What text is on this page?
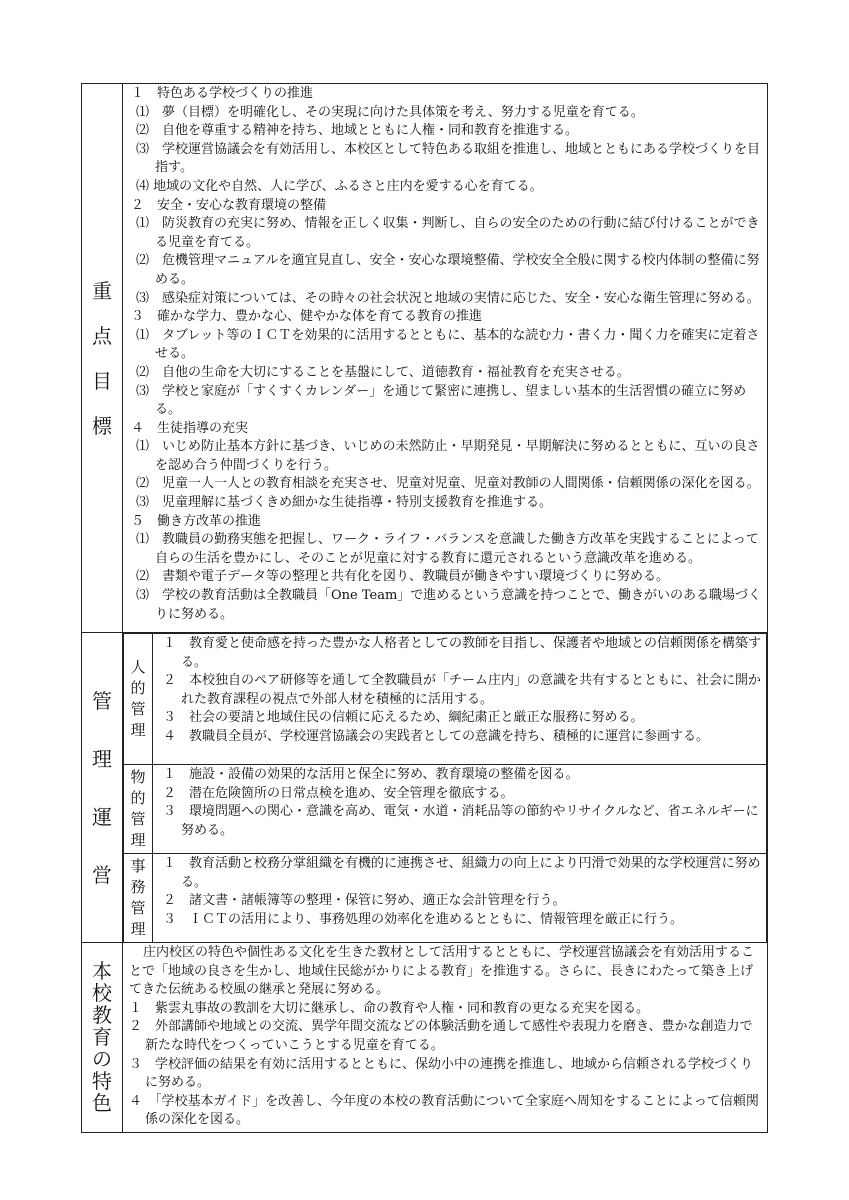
重
点
目
標

１　特色ある学校づくりの推進
⑴　夢（目標）を明確化し、その実現に向けた具体策を考え、努力する児童を育てる。
⑵　自他を尊重する精神を持ち、地域とともに人権・同和教育を推進する。
⑶　学校運営協議会を有効活用し、本校区として特色ある取組を推進し、地域とともにある学校づくりを目指す。
⑷ 地域の文化や自然、人に学び、ふるさと庄内を愛する心を育てる。
２　安全・安心な教育環境の整備
⑴　防災教育の充実に努め、情報を正しく収集・判断し、自らの安全のための行動に結び付けることができる児童を育てる。
⑵　危機管理マニュアルを適宜見直し、安全・安心な環境整備、学校安全全般に関する校内体制の整備に努める。
⑶　感染症対策については、その時々の社会状況と地域の実情に応じた、安全・安心な衛生管理に努める。
３　確かな学力、豊かな心、健やかな体を育てる教育の推進
⑴　タブレット等のＩＣＴを効果的に活用するとともに、基本的な読む力・書く力・聞く力を確実に定着させる。
⑵　自他の生命を大切にすることを基盤にして、道徳教育・福祉教育を充実させる。
⑶　学校と家庭が「すくすくカレンダー」を通じて緊密に連携し、望ましい基本的生活習慣の確立に努める。
４　生徒指導の充実
⑴　いじめ防止基本方針に基づき、いじめの未然防止・早期発見・早期解決に努めるとともに、互いの良さを認め合う仲間づくりを行う。
⑵　児童一人一人との教育相談を充実させ、児童対児童、児童対教師の人間関係・信頼関係の深化を図る。
⑶　児童理解に基づくきめ細かな生徒指導・特別支援教育を推進する。
５　働き方改革の推進
⑴　教職員の勤務実態を把握し、ワーク・ライフ・バランスを意識した働き方改革を実践することによって自らの生活を豊かにし、そのことが児童に対する教育に還元されるという意識改革を進める。
⑵　書類や電子データ等の整理と共有化を図り、教職員が働きやすい環境づくりに努める。
⑶　学校の教育活動は全教職員「One Team」で進めるという意識を持つことで、働きがいのある職場づくりに努める。

管
理
運
営

人
的
管
理

１　教育愛と使命感を持った豊かな人格者としての教師を目指し、保護者や地域との信頼関係を構築する。
２　本校独自のペア研修等を通して全教職員が「チーム庄内」の意識を共有するとともに、社会に開かれた教育課程の視点で外部人材を積極的に活用する。
３　社会の要請と地域住民の信頼に応えるため、綱紀粛正と厳正な服務に努める。
４　教職員全員が、学校運営協議会の実践者としての意識を持ち、積極的に運営に参画する。

物
的
管
理

１　施設・設備の効果的な活用と保全に努め、教育環境の整備を図る。
２　潜在危険箇所の日常点検を進め、安全管理を徹底する。
３　環境問題への関心・意識を高め、電気・水道・消耗品等の節約やリサイクルなど、省エネルギーに努める。

事
務
管
理

１　教育活動と校務分掌組織を有機的に連携させ、組織力の向上により円滑で効果的な学校運営に努める。
２　諸文書・諸帳簿等の整理・保管に努め、適正な会計管理を行う。
３　ＩＣＴの活用により、事務処理の効率化を進めるとともに、情報管理を厳正に行う。

本
校
教
育
の
特
色

庄内校区の特色や個性ある文化を生きた教材として活用するとともに、学校運営協議会を有効活用することで「地域の良さを生かし、地域住民総がかりによる教育」を推進する。さらに、長きにわたって築き上げてきた伝統ある校風の継承と発展に努める。
１　紫雲丸事故の教訓を大切に継承し、命の教育や人権・同和教育の更なる充実を図る。
２　外部講師や地域との交流、異学年間交流などの体験活動を通して感性や表現力を磨き、豊かな創造力で新たな時代をつくっていこうとする児童を育てる。
３　学校評価の結果を有効に活用するとともに、保幼小中の連携を推進し、地域から信頼される学校づくりに努める。
４　「学校基本ガイド」を改善し、今年度の本校の教育活動について全家庭へ周知をすることによって信頼関係の深化を図る。
